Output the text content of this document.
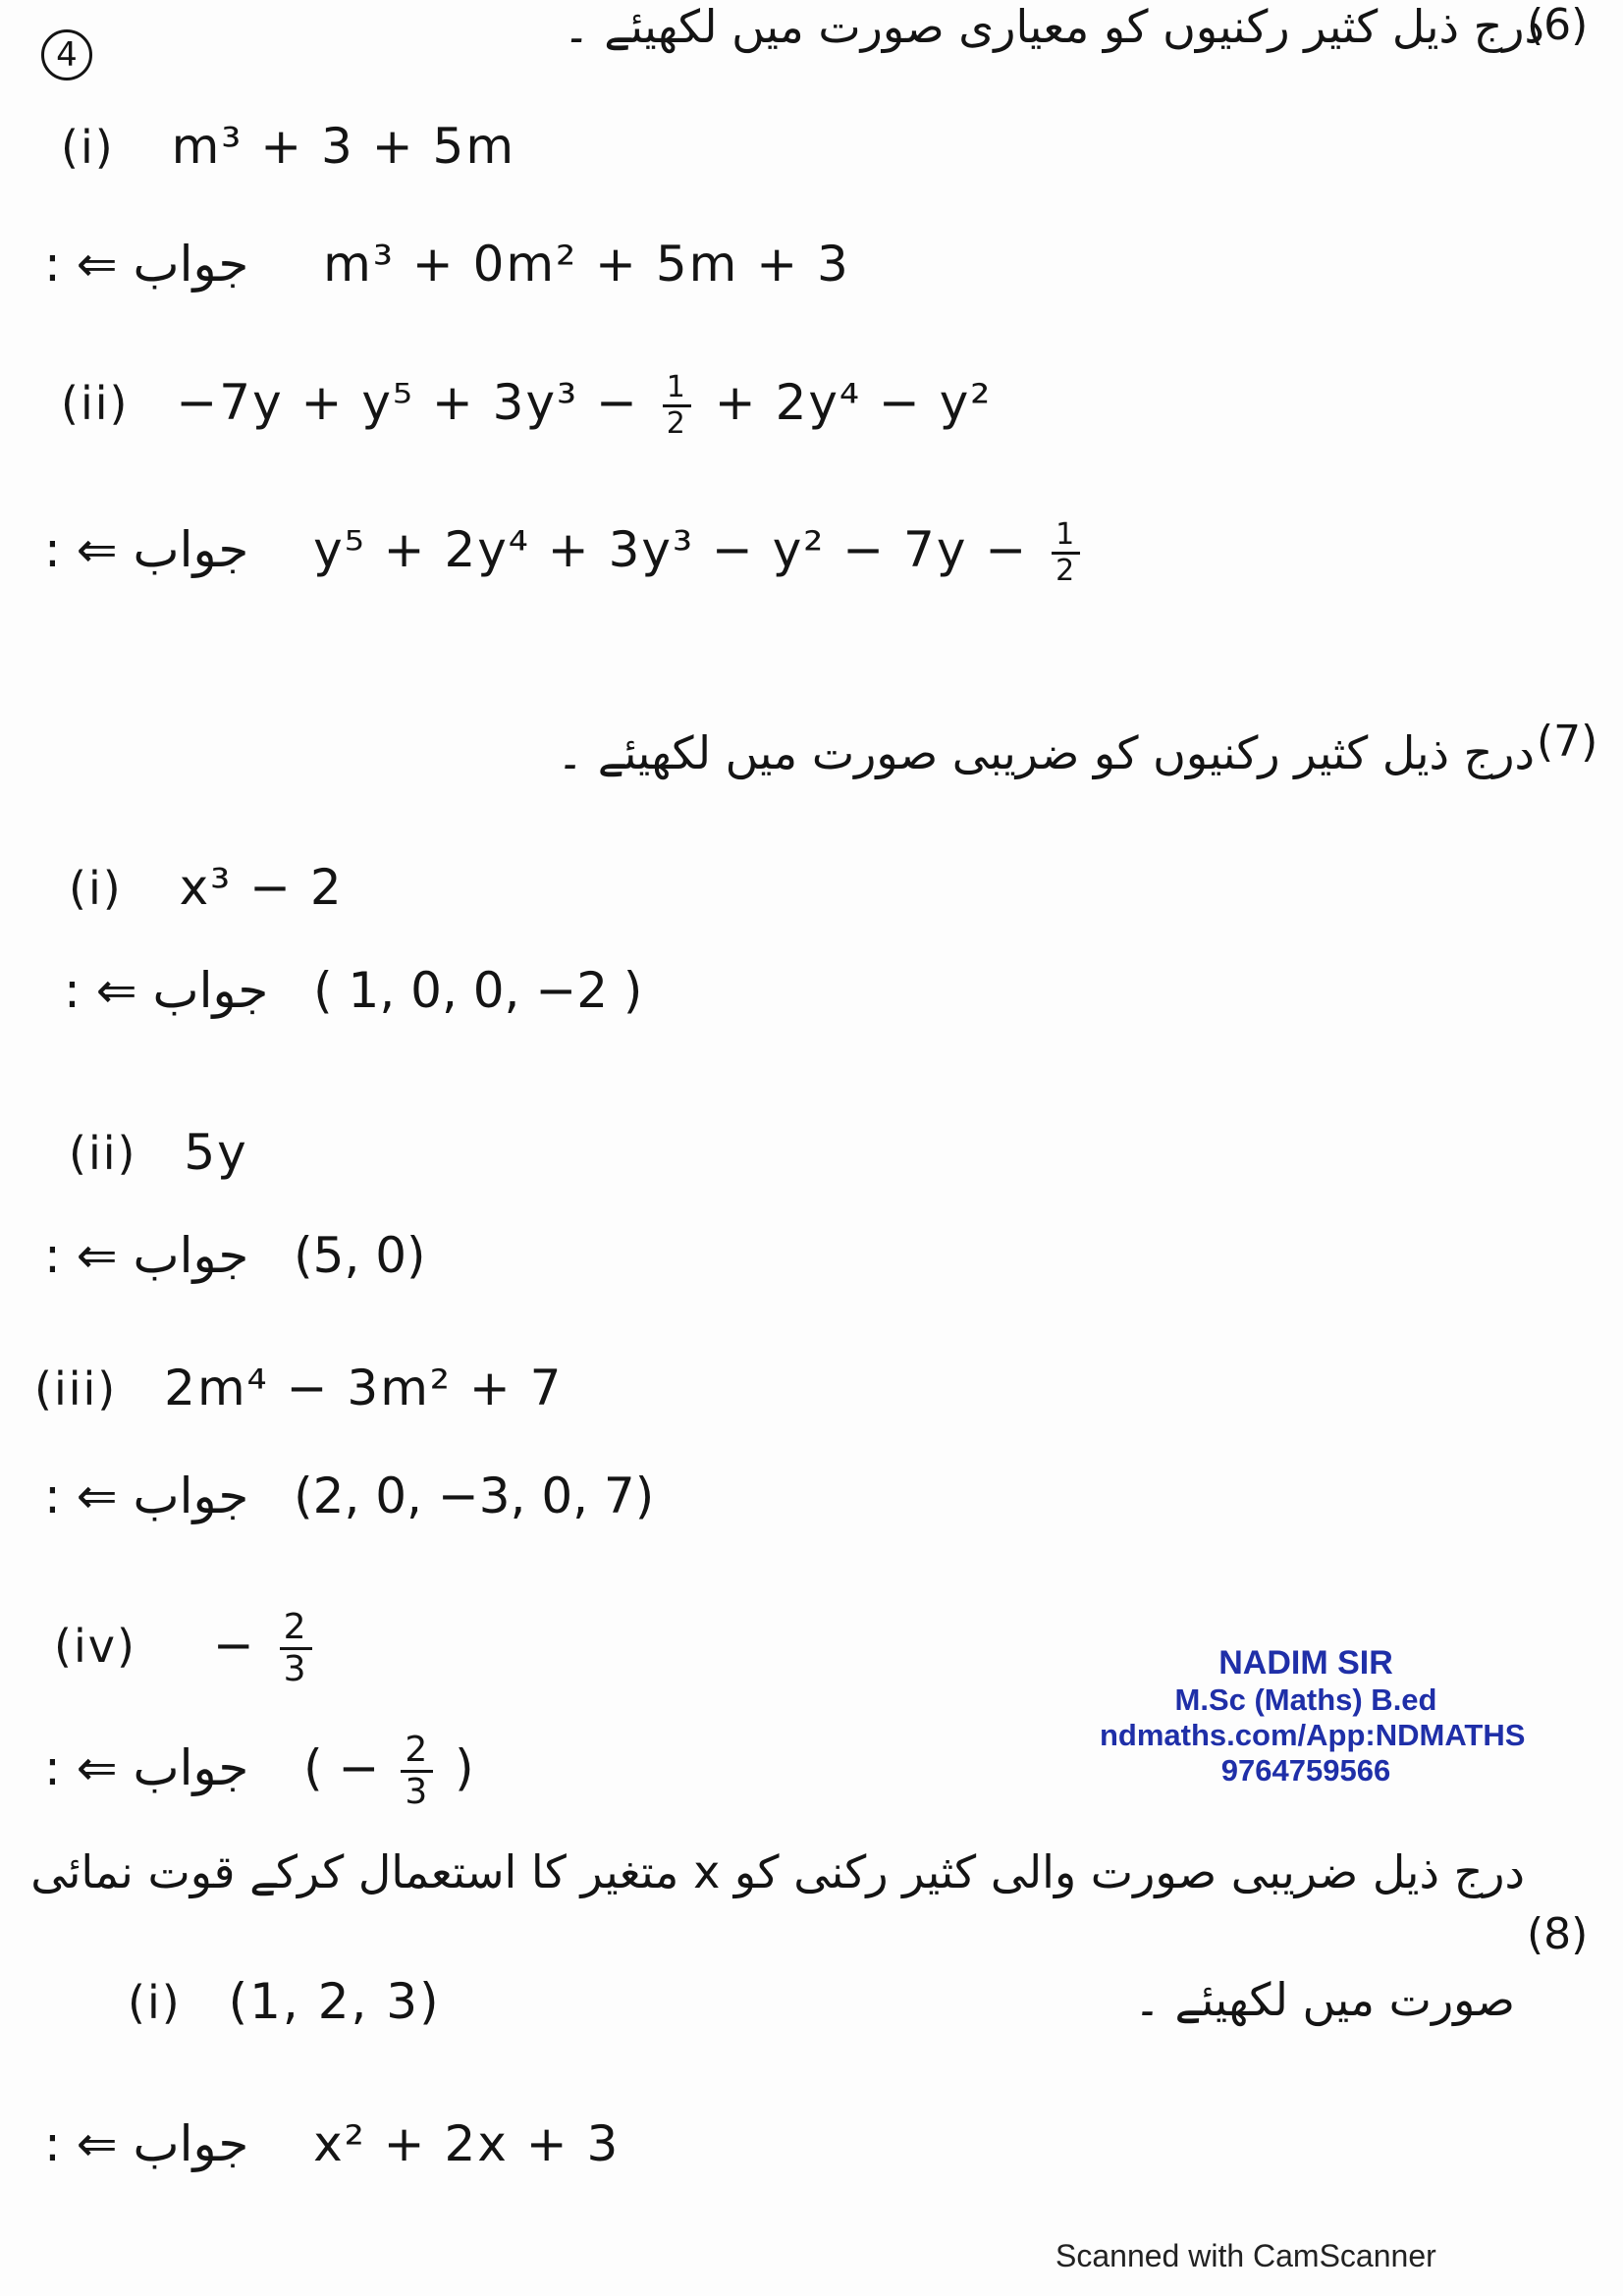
4
درج ذیل کثیر رکنیوں کو معیاری صورت میں لکھیئے ۔
(6)
(i) m³ + 3 + 5m
جواب ⇐ : m³ + 0m² + 5m + 3
$(ii) -7y + y^5 + 3y^3 - \frac{1}{2} + 2y^4 - y^2$
جواب ⇐ : $y^5 + 2y^4 + 3y^3 - y^2 - 7y - \frac{1}{2}$
درج ذیل کثیر رکنیوں کو ضریبی صورت میں لکھیئے ۔ (7)
(i) x³ − 2
جواب ⇐ : ( 1, 0, 0, −2 )
(ii) 5y
جواب ⇐ : (5, 0)
(iii) 2m⁴ − 3m² + 7
جواب ⇐ : (2, 0, −3, 0, 7)
$(iv) - \frac{2}{3}$
جواب ⇐ : ( − $\frac{2}{3}$ )
NADIM SIR
M.Sc (Maths) B.ed
ndmaths.com/App:NDMATHS
9764759566
درج ذیل ضریبی صورت والی کثیر رکنی کو x متغیر کا استعمال کرکے قوت نمائی
(8)
صورت میں لکھیئے ۔
(i) (1, 2, 3)
جواب ⇐ : x² + 2x + 3
Scanned with CamScanner
